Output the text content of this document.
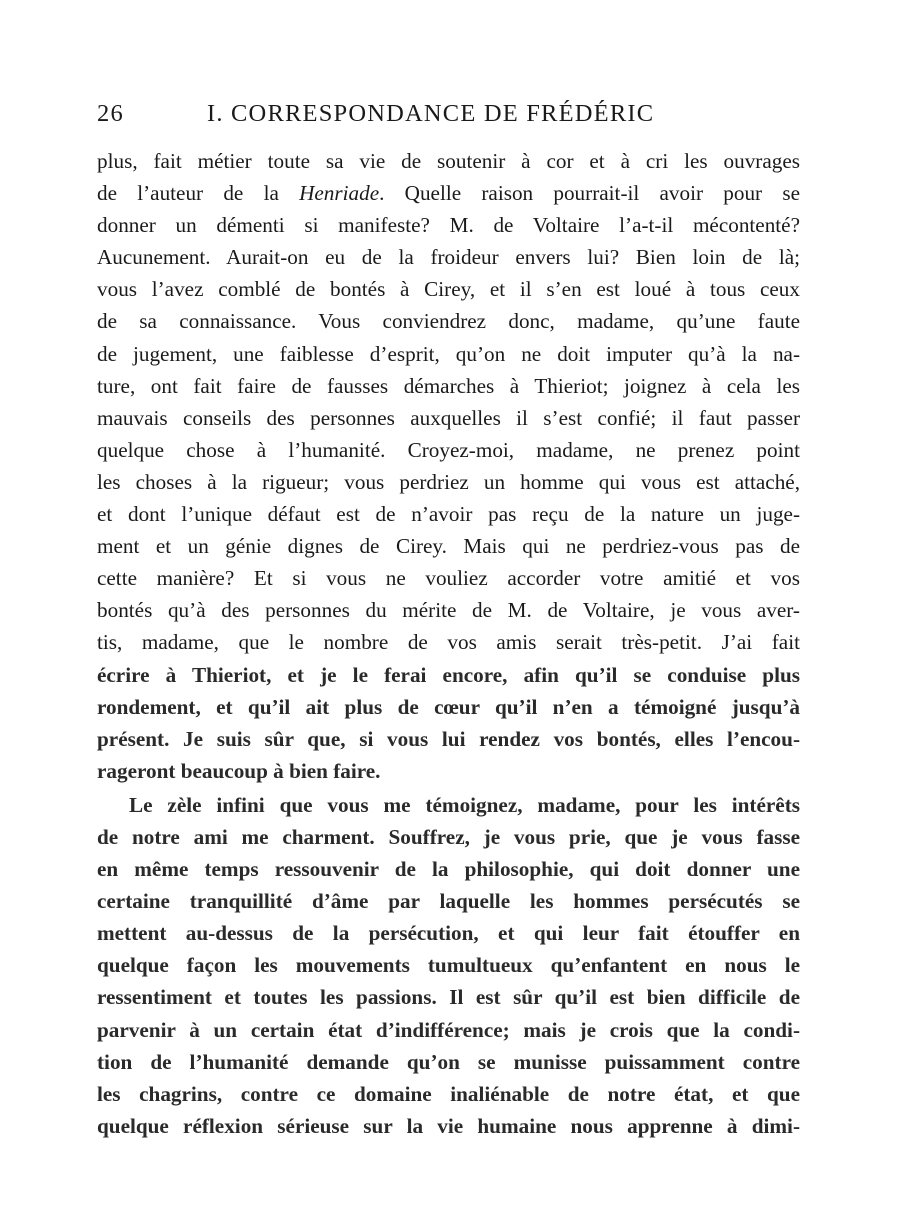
26	I. CORRESPONDANCE DE FRÉDÉRIC
plus, fait métier toute sa vie de soutenir à cor et à cri les ouvrages
de l’auteur de la Henriade. Quelle raison pourrait-il avoir pour se
donner un démenti si manifeste? M. de Voltaire l’a-t-il mécontenté?
Aucunement. Aurait-on eu de la froideur envers lui? Bien loin de là;
vous l’avez comblé de bontés à Cirey, et il s’en est loué à tous ceux
de sa connaissance. Vous conviendrez donc, madame, qu’une faute
de jugement, une faiblesse d’esprit, qu’on ne doit imputer qu’à la na-
ture, ont fait faire de fausses démarches à Thieriot; joignez à cela les
mauvais conseils des personnes auxquelles il s’est confié; il faut passer
quelque chose à l’humanité. Croyez-moi, madame, ne prenez point
les choses à la rigueur; vous perdriez un homme qui vous est attaché,
et dont l’unique défaut est de n’avoir pas reçu de la nature un juge-
ment et un génie dignes de Cirey. Mais qui ne perdriez-vous pas de
cette manière? Et si vous ne vouliez accorder votre amitié et vos
bontés qu’à des personnes du mérite de M. de Voltaire, je vous aver-
tis, madame, que le nombre de vos amis serait très-petit. J’ai fait
écrire à Thieriot, et je le ferai encore, afin qu’il se conduise plus
rondement, et qu’il ait plus de cœur qu’il n’en a témoigné jusqu’à
présent. Je suis sûr que, si vous lui rendez vos bontés, elles l’encou-
rageront beaucoup à bien faire.
Le zèle infini que vous me témoignez, madame, pour les intérêts
de notre ami me charment. Souffrez, je vous prie, que je vous fasse
en même temps ressouvenir de la philosophie, qui doit donner une
certaine tranquillité d’âme par laquelle les hommes persécutés se
mettent au-dessus de la persécution, et qui leur fait étouffer en
quelque façon les mouvements tumultueux qu’enfantent en nous le
ressentiment et toutes les passions. Il est sûr qu’il est bien difficile de
parvenir à un certain état d’indifférence; mais je crois que la condi-
tion de l’humanité demande qu’on se munisse puissamment contre
les chagrins, contre ce domaine inaliénable de notre état, et que
quelque réflexion sérieuse sur la vie humaine nous apprenne à dimi-
